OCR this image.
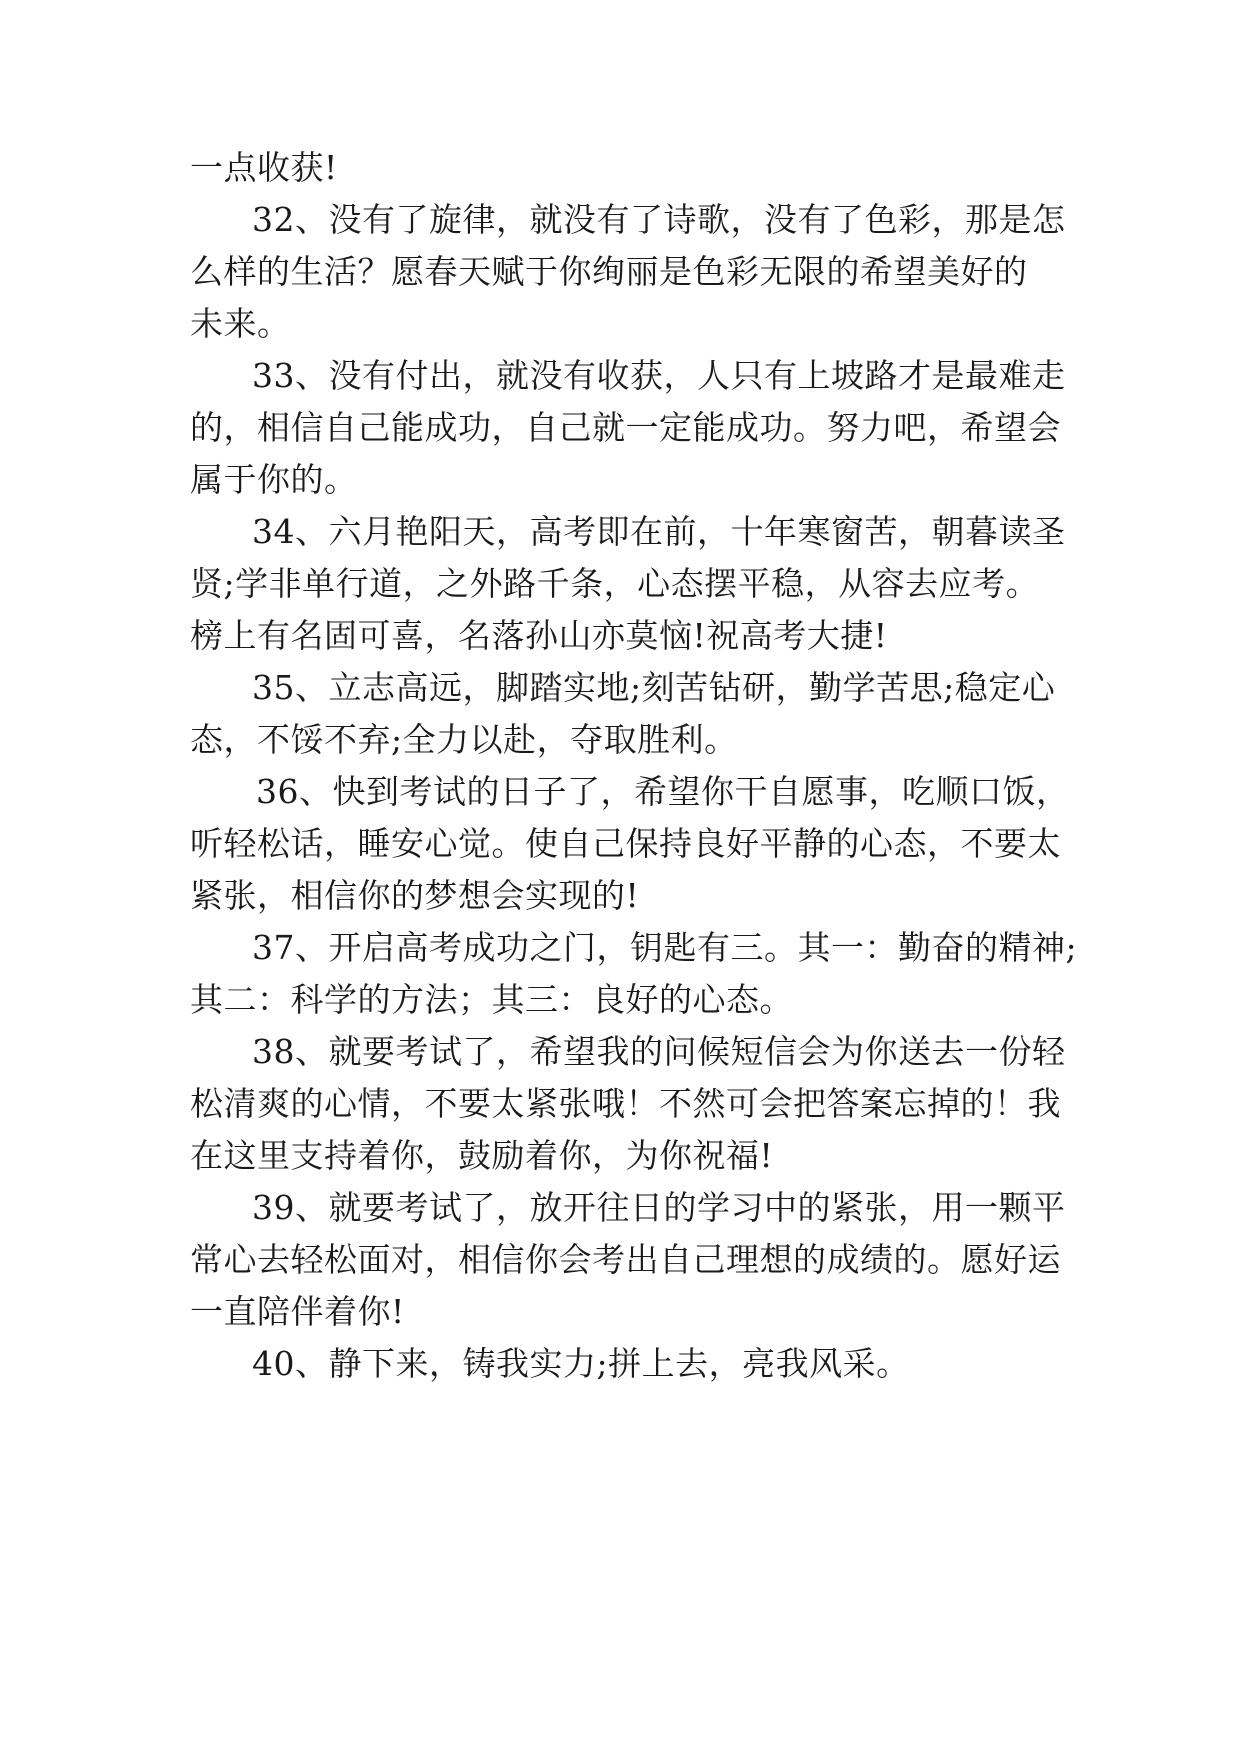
一点收获!
32、没有了旋律，就没有了诗歌，没有了色彩，那是怎
么样的生活？愿春天赋于你绚丽是色彩无限的希望美好的
未来。
33、没有付出，就没有收获，人只有上坡路才是最难走
的，相信自己能成功，自己就一定能成功。努力吧，希望会
属于你的。
34、六月艳阳天，高考即在前，十年寒窗苦，朝暮读圣
贤;学非单行道，之外路千条，心态摆平稳，从容去应考。
榜上有名固可喜，名落孙山亦莫恼!祝高考大捷!
35、立志高远，脚踏实地;刻苦钻研，勤学苦思;稳定心
态，不馁不弃;全力以赴，夺取胜利。
36、快到考试的日子了，希望你干自愿事，吃顺口饭，
听轻松话，睡安心觉。使自己保持良好平静的心态，不要太
紧张，相信你的梦想会实现的!
37、开启高考成功之门，钥匙有三。其一：勤奋的精神;
其二：科学的方法；其三：良好的心态。
38、就要考试了，希望我的问候短信会为你送去一份轻
松清爽的心情，不要太紧张哦！不然可会把答案忘掉的！我
在这里支持着你，鼓励着你，为你祝福!
39、就要考试了，放开往日的学习中的紧张，用一颗平
常心去轻松面对，相信你会考出自己理想的成绩的。愿好运
一直陪伴着你!
40、静下来，铸我实力;拼上去，亮我风采。
